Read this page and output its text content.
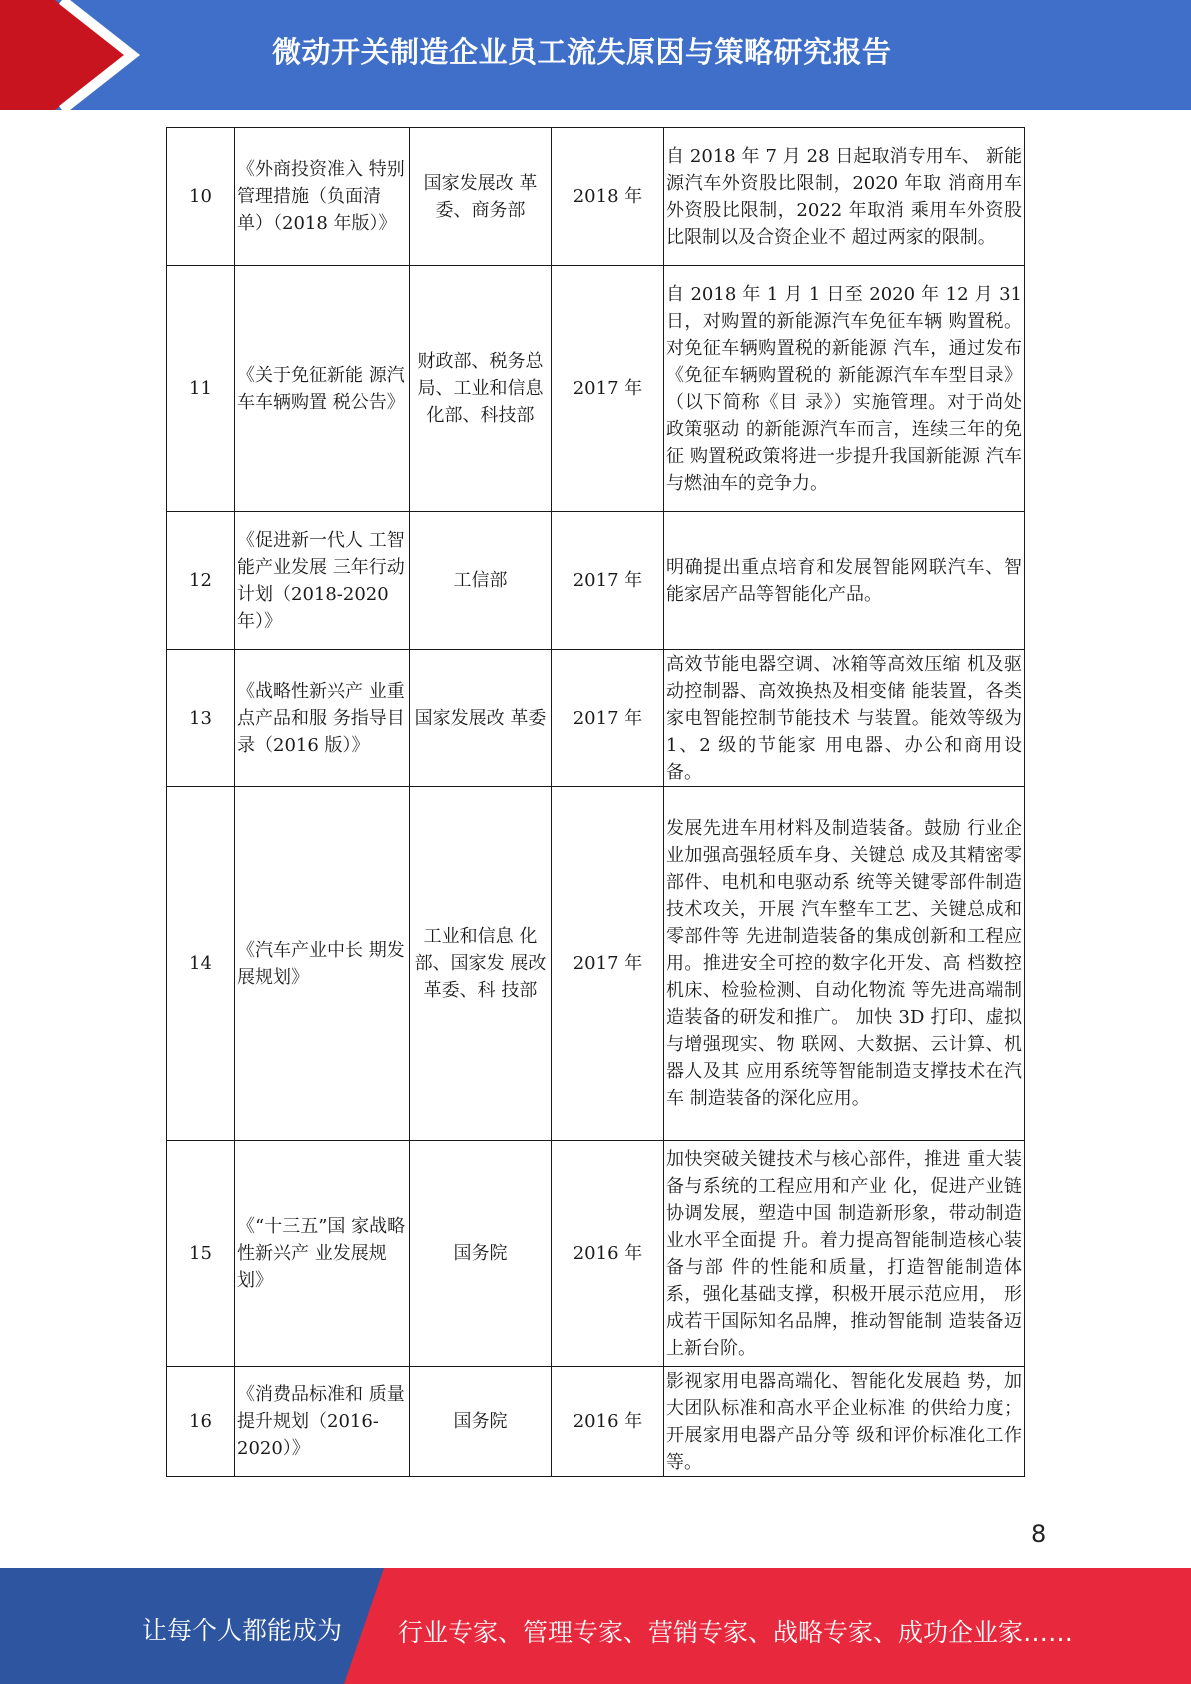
微动开关制造企业员工流失原因与策略研究报告
10	《外商投资准入 特别管理措施（负面清单）（2018 年版）》	国家发展改 革委、商务部	2018 年	自 2018 年 7 月 28 日起取消专用车、 新能源汽车外资股比限制，2020 年取 消商用车外资股比限制，2022 年取消 乘用车外资股比限制以及合资企业不 超过两家的限制。
11	《关于免征新能 源汽车车辆购置 税公告》	财政部、税务总局、工业和信息化部、科技部	2017 年	自 2018 年 1 月 1 日至 2020 年 12 月 31 日，对购置的新能源汽车免征车辆 购置税。对免征车辆购置税的新能源 汽车，通过发布《免征车辆购置税的 新能源汽车车型目录》（以下简称《目 录》）实施管理。对于尚处政策驱动 的新能源汽车而言，连续三年的免征 购置税政策将进一步提升我国新能源 汽车与燃油车的竞争力。
12	《促进新一代人 工智能产业发展 三年行动计划（2018-2020 年）》	工信部	2017 年	明确提出重点培育和发展智能网联汽车、智能家居产品等智能化产品。
13	《战略性新兴产 业重点产品和服 务指导目录（2016 版）》	国家发展改 革委	2017 年	高效节能电器空调、冰箱等高效压缩 机及驱动控制器、高效换热及相变储 能装置，各类家电智能控制节能技术 与装置。能效等级为 1、2 级的节能家 用电器、办公和商用设备。
14	《汽车产业中长 期发展规划》	工业和信息 化部、国家发 展改革委、科 技部	2017 年	发展先进车用材料及制造装备。鼓励 行业企业加强高强轻质车身、关键总 成及其精密零部件、电机和电驱动系 统等关键零部件制造技术攻关，开展 汽车整车工艺、关键总成和零部件等 先进制造装备的集成创新和工程应 用。推进安全可控的数字化开发、高 档数控机床、检验检测、自动化物流 等先进高端制造装备的研发和推广。 加快 3D 打印、虚拟与增强现实、物 联网、大数据、云计算、机器人及其 应用系统等智能制造支撑技术在汽车 制造装备的深化应用。
15	《“十三五”国 家战略性新兴产 业发展规划》	国务院	2016 年	加快突破关键技术与核心部件，推进 重大装备与系统的工程应用和产业 化，促进产业链协调发展，塑造中国 制造新形象，带动制造业水平全面提 升。着力提高智能制造核心装备与部 件的性能和质量，打造智能制造体系，强化基础支撑，积极开展示范应用， 形成若干国际知名品牌，推动智能制 造装备迈上新台阶。
16	《消费品标准和 质量提升规划（2016-2020）》	国务院	2016 年	影视家用电器高端化、智能化发展趋 势，加大团队标准和高水平企业标准 的供给力度；开展家用电器产品分等 级和评价标准化工作等。
8
让每个人都能成为 行业专家、管理专家、营销专家、战略专家、成功企业家……
